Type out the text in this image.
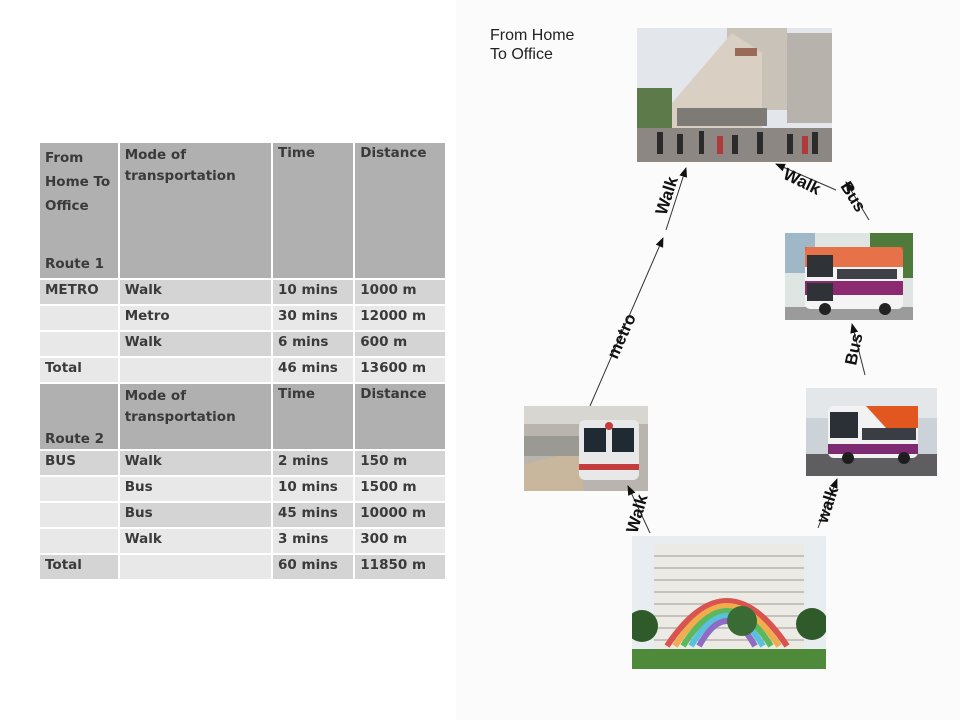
From Home To Office
Route 1	Mode of transportation	Time	Distance
METRO	Walk	10 mins	1000 m
	Metro	30 mins	12000 m
	Walk	6 mins	600 m
Total		46 mins	13600 m
Route 2	Mode of transportation	Time	Distance
BUS	Walk	2 mins	150 m
	Bus	10 mins	1500 m
	Bus	45 mins	10000 m
	Walk	3 mins	300 m
Total		60 mins	11850 m
From Home
To Office
Walk
metro
Walk
walk
Bus
Bus
Walk
